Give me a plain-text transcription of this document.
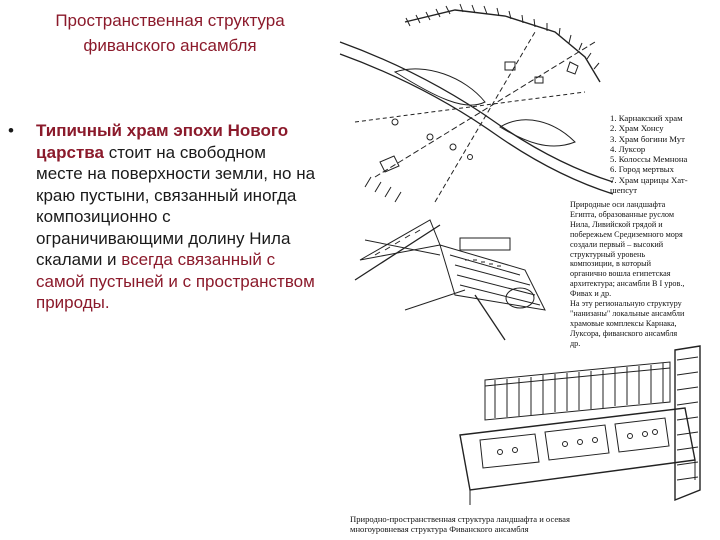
Пространственная структура
фиванского ансамбля
•	Типичный храм эпохи Нового царства стоит на свободном месте на поверхности земли, но на краю пустыни, связанный иногда композиционно с ограничивающими долину Нила скалами и всегда связанный с самой пустыней и с пространством природы.
1. Карнакский храм
2. Храм Хонсу
3. Храм богини Мут
4. Луксор
5. Колоссы Мемнона
6. Город мертвых
7. Храм царицы Хат-
шепсут
Природные оси ландшафта
Египта, образованные руслом
Нила, Ливийской грядой и
побережьем Средиземного моря
создали первый – высокий
структурный уровень
композиции, в который
органично вошла египетская
архитектура; ансамбли В I уров.,
Фивах и др.
На эту региональную структуру
"нанизаны" локальные ансамбли
храмовые комплексы Карнака,
Луксора, фиванского ансамбля
др.
Природно-пространственная структура ландшафта и осевая
многоуровневая структура Фиванского ансамбля
